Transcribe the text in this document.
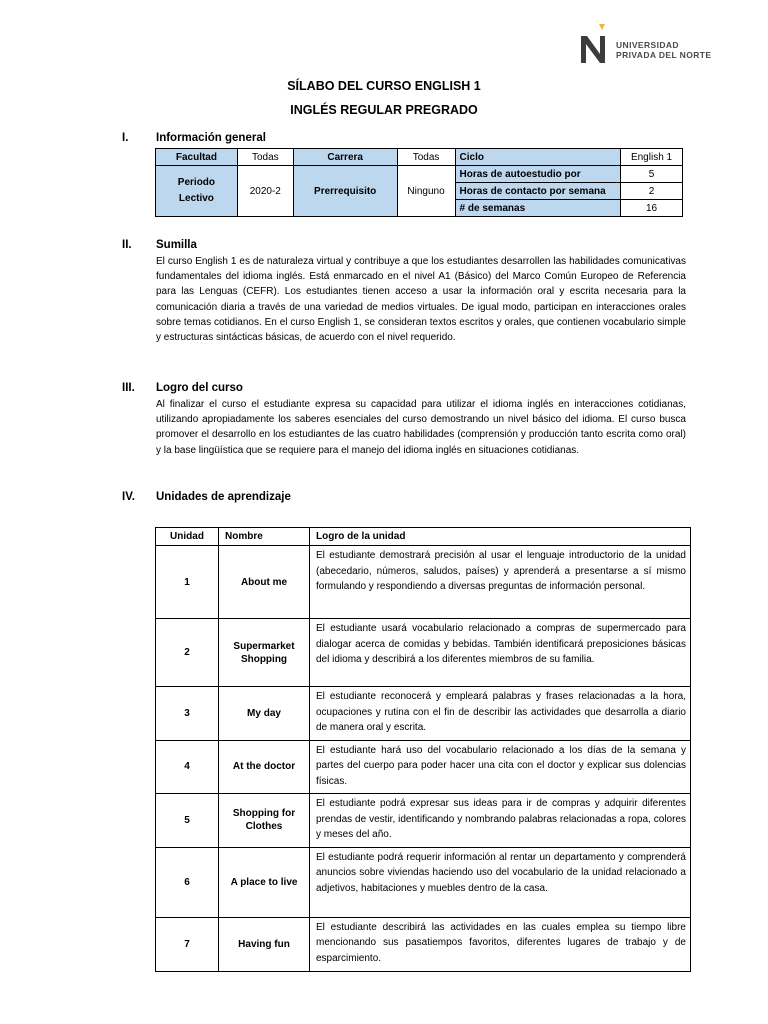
UNIVERSIDAD
PRIVADA DEL NORTE
SÍLABO DEL CURSO ENGLISH 1
INGLÉS REGULAR PREGRADO
I. Información general
Facultad	Todas	Carrera	Todas	Ciclo	English 1
Periodo Lectivo	2020-2	Prerrequisito	Ninguno	Horas de autoestudio por	5
				Horas de contacto por semana	2
				# de semanas	16
II. Sumilla

El curso English 1 es de naturaleza virtual y contribuye a que los estudiantes desarrollen las habilidades comunicativas fundamentales del idioma inglés. Está enmarcado en el nivel A1 (Básico) del Marco Común Europeo de Referencia para las Lenguas (CEFR). Los estudiantes tienen acceso a usar la información oral y escrita necesaria para la comunicación diaria a través de una variedad de medios virtuales. De igual modo, participan en interacciones orales sobre temas cotidianos. En el curso English 1, se consideran textos escritos y orales, que contienen vocabulario simple y estructuras sintácticas básicas, de acuerdo con el nivel requerido.

III. Logro del curso

Al finalizar el curso el estudiante expresa su capacidad para utilizar el idioma inglés en interacciones cotidianas, utilizando apropiadamente los saberes esenciales del curso demostrando un nivel básico del idioma. El curso busca promover el desarrollo en los estudiantes de las cuatro habilidades (comprensión y producción tanto escrita como oral) y la base lingüística que se requiere para el manejo del idioma inglés en situaciones cotidianas.

IV. Unidades de aprendizaje
Unidad	Nombre	Logro de la unidad
1	About me	El estudiante demostrará precisión al usar el lenguaje introductorio de la unidad (abecedario, números, saludos, países) y aprenderá a presentarse a sí mismo formulando y respondiendo a diversas preguntas de información personal.
2	Supermarket Shopping	El estudiante usará vocabulario relacionado a compras de supermercado para dialogar acerca de comidas y bebidas. También identificará preposiciones básicas del idioma y describirá a los diferentes miembros de su familia.
3	My day	El estudiante reconocerá y empleará palabras y frases relacionadas a la hora, ocupaciones y rutina con el fin de describir las actividades que desarrolla a diario de manera oral y escrita.
4	At the doctor	El estudiante hará uso del vocabulario relacionado a los días de la semana y partes del cuerpo para poder hacer una cita con el doctor y explicar sus dolencias físicas.
5	Shopping for Clothes	El estudiante podrá expresar sus ideas para ir de compras y adquirir diferentes prendas de vestir, identificando y nombrando palabras relacionadas a ropa, colores y meses del año.
6	A place to live	El estudiante podrá requerir información al rentar un departamento y comprenderá anuncios sobre viviendas haciendo uso del vocabulario de la unidad relacionado a adjetivos, habitaciones y muebles dentro de la casa.
7	Having fun	El estudiante describirá las actividades en las cuales emplea su tiempo libre mencionando sus pasatiempos favoritos, diferentes lugares de trabajo y de esparcimiento.
